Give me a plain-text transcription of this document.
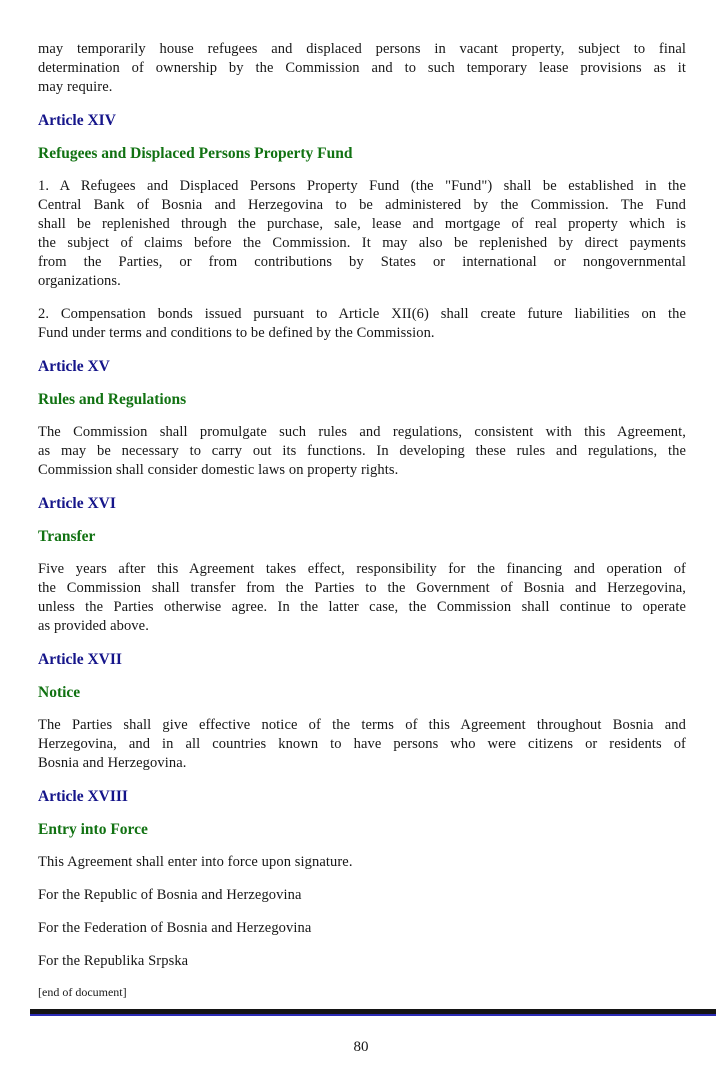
may temporarily house refugees and displaced persons in vacant property, subject to final
determination of ownership by the Commission and to such temporary lease provisions as it
may require.
Article XIV
Refugees and Displaced Persons Property Fund
1. A Refugees and Displaced Persons Property Fund (the "Fund") shall be established in the
Central Bank of Bosnia and Herzegovina to be administered by the Commission. The Fund
shall be replenished through the purchase, sale, lease and mortgage of real property which is
the subject of claims before the Commission. It may also be replenished by direct payments
from the Parties, or from contributions by States or international or nongovernmental
organizations.
2. Compensation bonds issued pursuant to Article XII(6) shall create future liabilities on the
Fund under terms and conditions to be defined by the Commission.
Article XV
Rules and Regulations
The Commission shall promulgate such rules and regulations, consistent with this Agreement,
as may be necessary to carry out its functions. In developing these rules and regulations, the
Commission shall consider domestic laws on property rights.
Article XVI
Transfer
Five years after this Agreement takes effect, responsibility for the financing and operation of
the Commission shall transfer from the Parties to the Government of Bosnia and Herzegovina,
unless the Parties otherwise agree. In the latter case, the Commission shall continue to operate
as provided above.
Article XVII
Notice
The Parties shall give effective notice of the terms of this Agreement throughout Bosnia and
Herzegovina, and in all countries known to have persons who were citizens or residents of
Bosnia and Herzegovina.
Article XVIII
Entry into Force
This Agreement shall enter into force upon signature.
For the Republic of Bosnia and Herzegovina
For the Federation of Bosnia and Herzegovina
For the Republika Srpska
[end of document]
80
